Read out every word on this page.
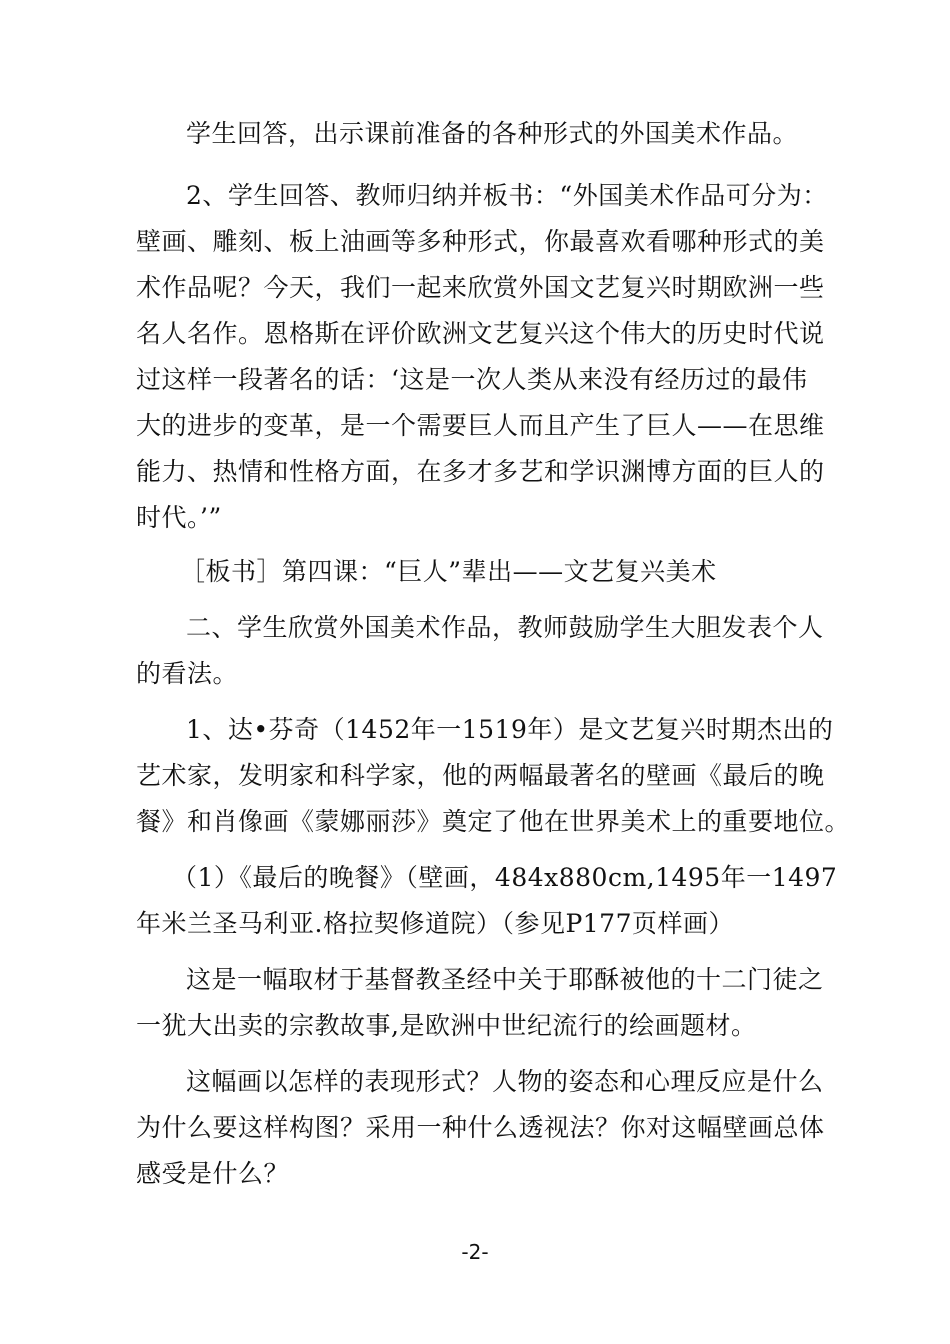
学生回答，出示课前准备的各种形式的外国美术作品。
2、学生回答、教师归纳并板书：“外国美术作品可分为：
壁画、雕刻、板上油画等多种形式，你最喜欢看哪种形式的美
术作品呢？今天，我们一起来欣赏外国文艺复兴时期欧洲一些
名人名作。恩格斯在评价欧洲文艺复兴这个伟大的历史时代说
过这样一段著名的话：‘这是一次人类从来没有经历过的最伟
大的进步的变革，是一个需要巨人而且产生了巨人——在思维
能力、热情和性格方面，在多才多艺和学识渊博方面的巨人的
时代。’”
［板书］第四课：“巨人”辈出——文艺复兴美术
二、学生欣赏外国美术作品，教师鼓励学生大胆发表个人
的看法。
1、达•芬奇（1452年一1519年）是文艺复兴时期杰出的
艺术家，发明家和科学家，他的两幅最著名的壁画《最后的晚
餐》和肖像画《蒙娜丽莎》奠定了他在世界美术上的重要地位。
（1）《最后的晚餐》（壁画，484x880cm,1495年一1497
年米兰圣马利亚.格拉契修道院）（参见P177页样画）
这是一幅取材于基督教圣经中关于耶酥被他的十二门徒之
一犹大出卖的宗教故事,是欧洲中世纪流行的绘画题材。
这幅画以怎样的表现形式？人物的姿态和心理反应是什么
为什么要这样构图？采用一种什么透视法？你对这幅壁画总体
感受是什么？
-2-
